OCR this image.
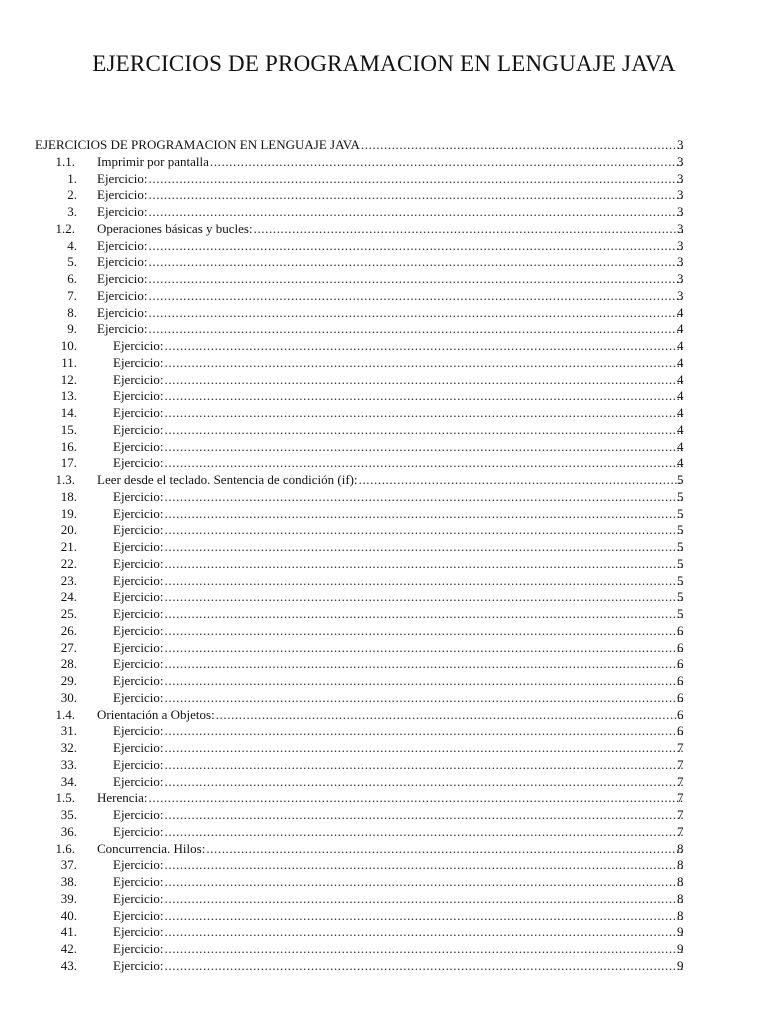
EJERCICIOS DE PROGRAMACION EN LENGUAJE JAVA
EJERCICIOS DE PROGRAMACION EN LENGUAJE JAVA .....	3
1.1. Imprimir por pantalla .....	3
1. Ejercicio: .....	3
2. Ejercicio: .....	3
3. Ejercicio: .....	3
1.2. Operaciones básicas y bucles: .....	3
4. Ejercicio: .....	3
5. Ejercicio: .....	3
6. Ejercicio: .....	3
7. Ejercicio: .....	3
8. Ejercicio: .....	4
9. Ejercicio: .....	4
10.	Ejercicio: .....	4
11.	Ejercicio: .....	4
12.	Ejercicio: .....	4
13.	Ejercicio: .....	4
14.	Ejercicio: .....	4
15.	Ejercicio: .....	4
16.	Ejercicio: .....	4
17.	Ejercicio: .....	4
1.3. Leer desde el teclado. Sentencia de condición (if): .....	5
18.	Ejercicio: .....	5
19.	Ejercicio: .....	5
20.	Ejercicio: .....	5
21.	Ejercicio: .....	5
22.	Ejercicio: .....	5
23.	Ejercicio: .....	5
24.	Ejercicio: .....	5
25.	Ejercicio: .....	5
26.	Ejercicio: .....	6
27.	Ejercicio: .....	6
28.	Ejercicio: .....	6
29.	Ejercicio: .....	6
30.	Ejercicio: .....	6
1.4. Orientación a Objetos: .....	6
31.	Ejercicio: .....	6
32.	Ejercicio: .....	7
33.	Ejercicio: .....	7
34.	Ejercicio: .....	7
1.5. Herencia: .....	7
35.	Ejercicio: .....	7
36.	Ejercicio: .....	7
1.6. Concurrencia. Hilos: .....	8
37.	Ejercicio: .....	8
38.	Ejercicio: .....	8
39.	Ejercicio: .....	8
40.	Ejercicio: .....	8
41.	Ejercicio: .....	9
42.	Ejercicio: .....	9
43.	Ejercicio: .....	9
